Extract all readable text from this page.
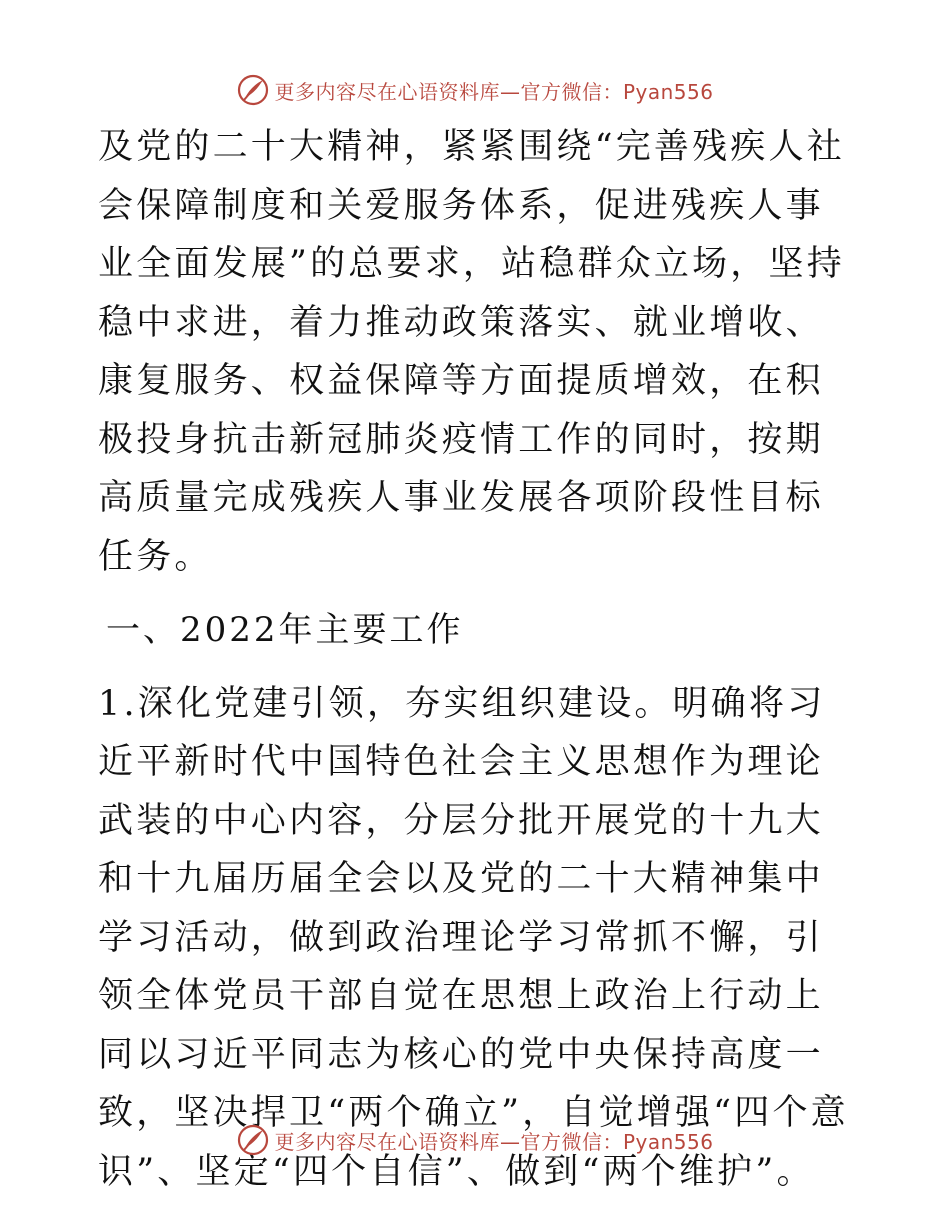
更多内容尽在心语资料库—官方微信：Pyan556

及党的二十大精神，紧紧围绕“完善残疾人社会保障制度和关爱服务体系，促进残疾人事业全面发展”的总要求，站稳群众立场，坚持稳中求进，着力推动政策落实、就业增收、康复服务、权益保障等方面提质增效，在积极投身抗击新冠肺炎疫情工作的同时，按期高质量完成残疾人事业发展各项阶段性目标任务。

一、2022年主要工作

1.深化党建引领，夯实组织建设。明确将习近平新时代中国特色社会主义思想作为理论武装的中心内容，分层分批开展党的十九大和十九届历届全会以及党的二十大精神集中学习活动，做到政治理论学习常抓不懈，引领全体党员干部自觉在思想上政治上行动上同以习近平同志为核心的党中央保持高度一致，坚决捍卫“两个确立”，自觉增强“四个意识”、坚定“四个自信”、做到“两个维护”。

更多内容尽在心语资料库—官方微信：Pyan556
